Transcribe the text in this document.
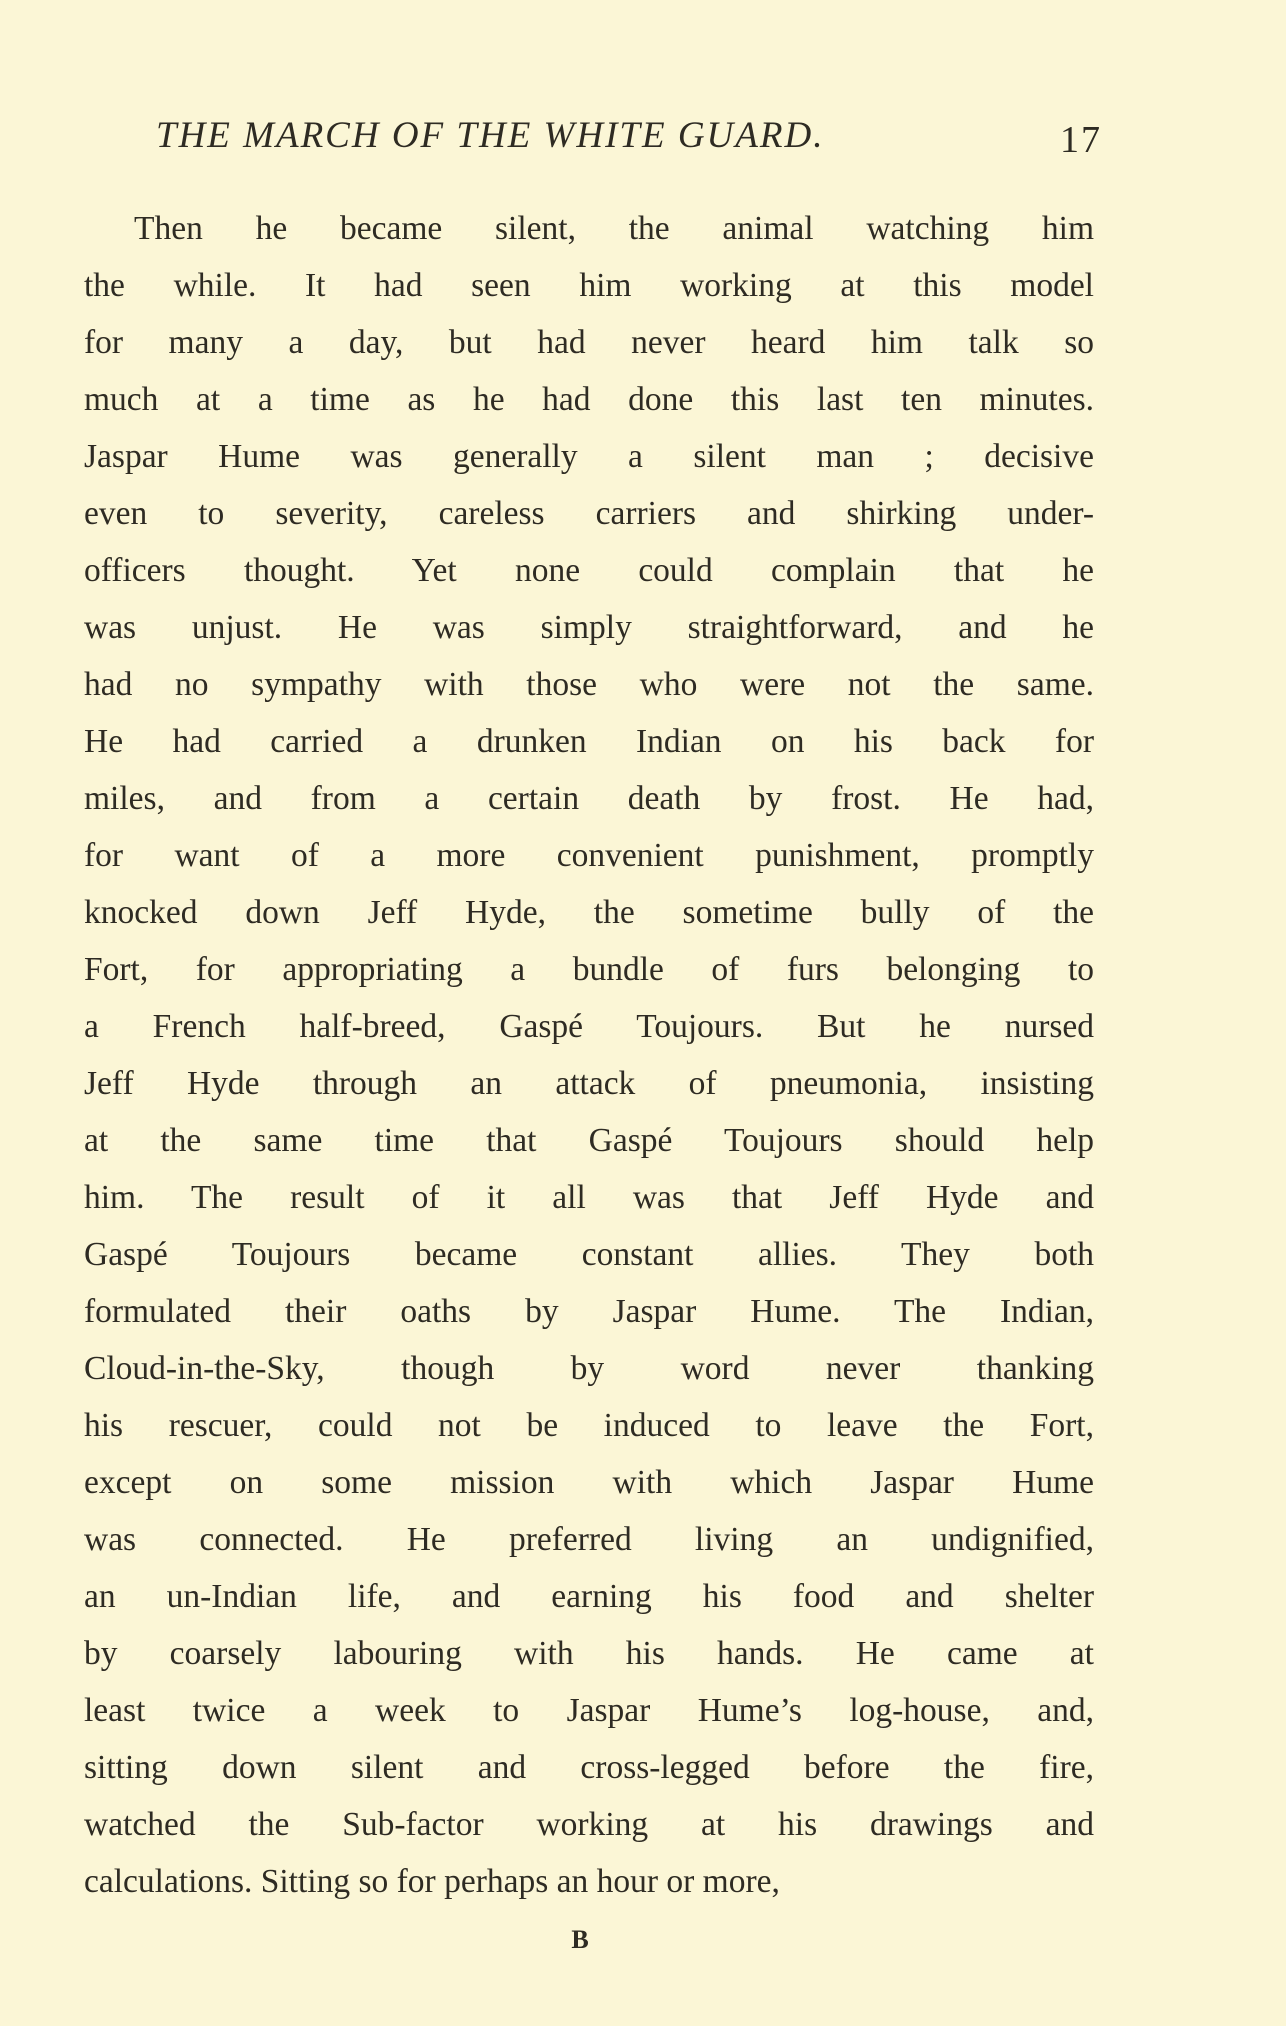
THE MARCH OF THE WHITE GUARD.	17
Then he became silent, the animal watching him
the while. It had seen him working at this model
for many a day, but had never heard him talk so
much at a time as he had done this last ten minutes.
Jaspar Hume was generally a silent man ; decisive
even to severity, careless carriers and shirking under-
officers thought. Yet none could complain that he
was unjust. He was simply straightforward, and he
had no sympathy with those who were not the same.
He had carried a drunken Indian on his back for
miles, and from a certain death by frost. He had,
for want of a more convenient punishment, promptly
knocked down Jeff Hyde, the sometime bully of the
Fort, for appropriating a bundle of furs belonging to
a French half-breed, Gaspé Toujours. But he nursed
Jeff Hyde through an attack of pneumonia, insisting
at the same time that Gaspé Toujours should help
him. The result of it all was that Jeff Hyde and
Gaspé Toujours became constant allies. They both
formulated their oaths by Jaspar Hume. The Indian,
Cloud-in-the-Sky, though by word never thanking
his rescuer, could not be induced to leave the Fort,
except on some mission with which Jaspar Hume
was connected. He preferred living an undignified,
an un-Indian life, and earning his food and shelter
by coarsely labouring with his hands. He came at
least twice a week to Jaspar Hume’s log-house, and,
sitting down silent and cross-legged before the fire,
watched the Sub-factor working at his drawings and
calculations. Sitting so for perhaps an hour or more,
B
